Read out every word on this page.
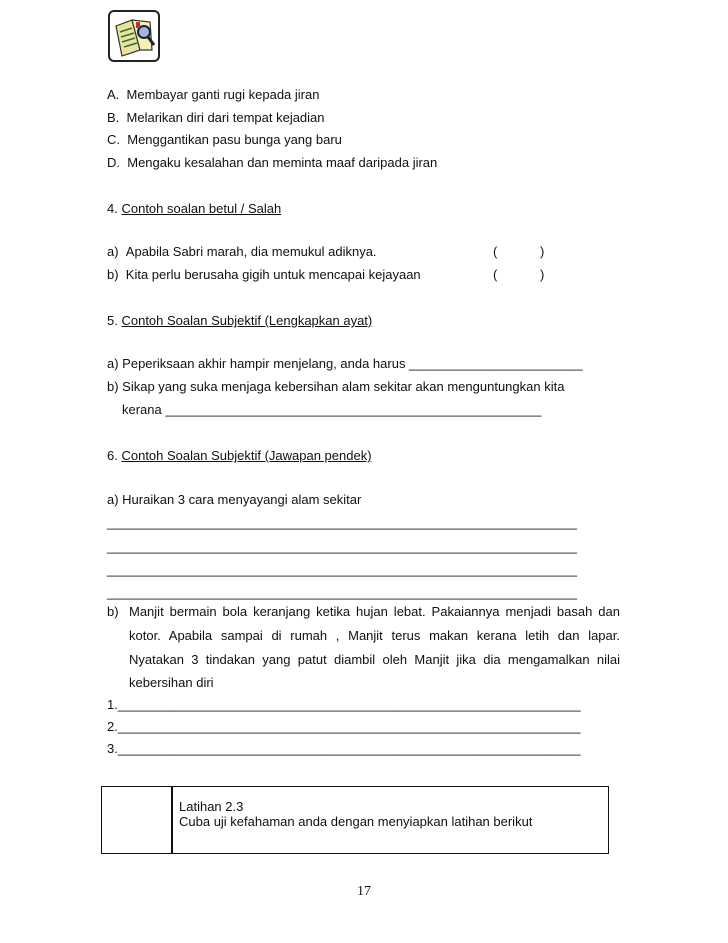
A. Membayar ganti rugi kepada jiran
B. Melarikan diri dari tempat kejadian
C. Menggantikan pasu bunga yang baru
D. Mengaku kesalahan dan meminta maaf daripada jiran
4. Contoh soalan betul / Salah
a) Apabila Sabri marah, dia memukul adiknya.	(	)
b) Kita perlu berusaha gigih untuk mencapai kejayaan	(	)
5. Contoh Soalan Subjektif (Lengkapkan ayat)
a) Peperiksaan akhir hampir menjelang, anda harus ________________________
b) Sikap yang suka menjaga kebersihan alam sekitar akan menguntungkan kita
kerana ____________________________________________________
6. Contoh Soalan Subjektif (Jawapan pendek)
a) Huraikan 3 cara menyayangi alam sekitar
_________________________________________________________________
_________________________________________________________________
_________________________________________________________________
_________________________________________________________________
b) Manjit bermain bola keranjang ketika hujan lebat. Pakaiannya menjadi basah dan
kotor. Apabila sampai di rumah , Manjit terus makan kerana letih dan lapar.
Nyatakan 3 tindakan yang patut diambil oleh Manjit jika dia mengamalkan nilai
kebersihan diri
1.________________________________________________________________
2.________________________________________________________________
3.________________________________________________________________
Latihan 2.3
Cuba uji kefahaman anda dengan menyiapkan latihan berikut
17
